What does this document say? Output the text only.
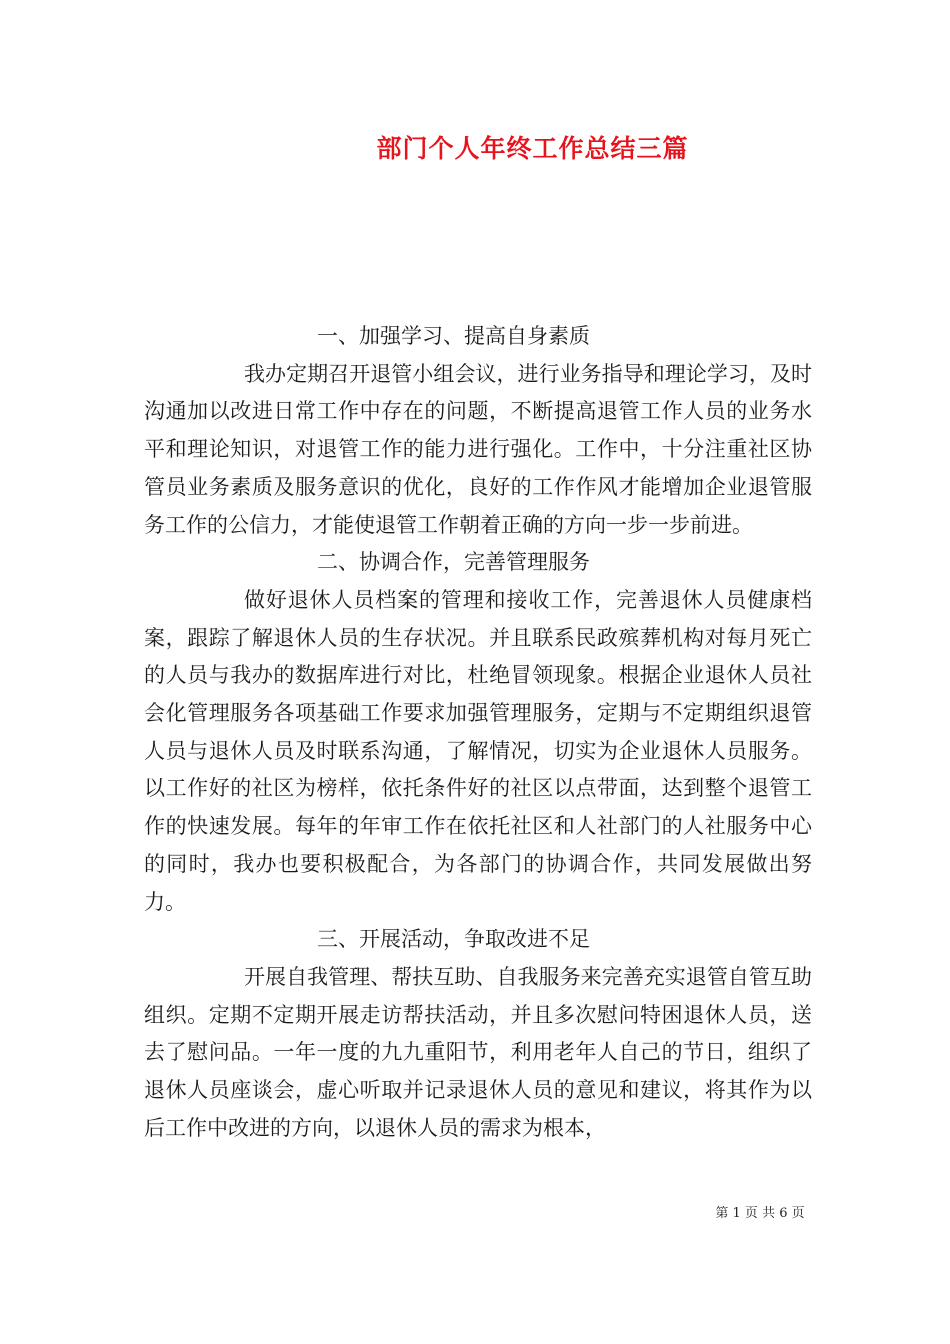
部门个人年终工作总结三篇

一、加强学习、提高自身素质

我办定期召开退管小组会议，进行业务指导和理论学习，及时沟通加以改进日常工作中存在的问题，不断提高退管工作人员的业务水平和理论知识，对退管工作的能力进行强化。工作中，十分注重社区协管员业务素质及服务意识的优化，良好的工作作风才能增加企业退管服务工作的公信力，才能使退管工作朝着正确的方向一步一步前进。

二、协调合作，完善管理服务

做好退休人员档案的管理和接收工作，完善退休人员健康档案，跟踪了解退休人员的生存状况。并且联系民政殡葬机构对每月死亡的人员与我办的数据库进行对比，杜绝冒领现象。根据企业退休人员社会化管理服务各项基础工作要求加强管理服务，定期与不定期组织退管人员与退休人员及时联系沟通，了解情况，切实为企业退休人员服务。以工作好的社区为榜样，依托条件好的社区以点带面，达到整个退管工作的快速发展。每年的年审工作在依托社区和人社部门的人社服务中心的同时，我办也要积极配合，为各部门的协调合作，共同发展做出努力。

三、开展活动，争取改进不足

开展自我管理、帮扶互助、自我服务来完善充实退管自管互助组织。定期不定期开展走访帮扶活动，并且多次慰问特困退休人员，送去了慰问品。一年一度的九九重阳节，利用老年人自己的节日，组织了退休人员座谈会，虚心听取并记录退休人员的意见和建议，将其作为以后工作中改进的方向，以退休人员的需求为根本，

第 1 页 共 6 页
